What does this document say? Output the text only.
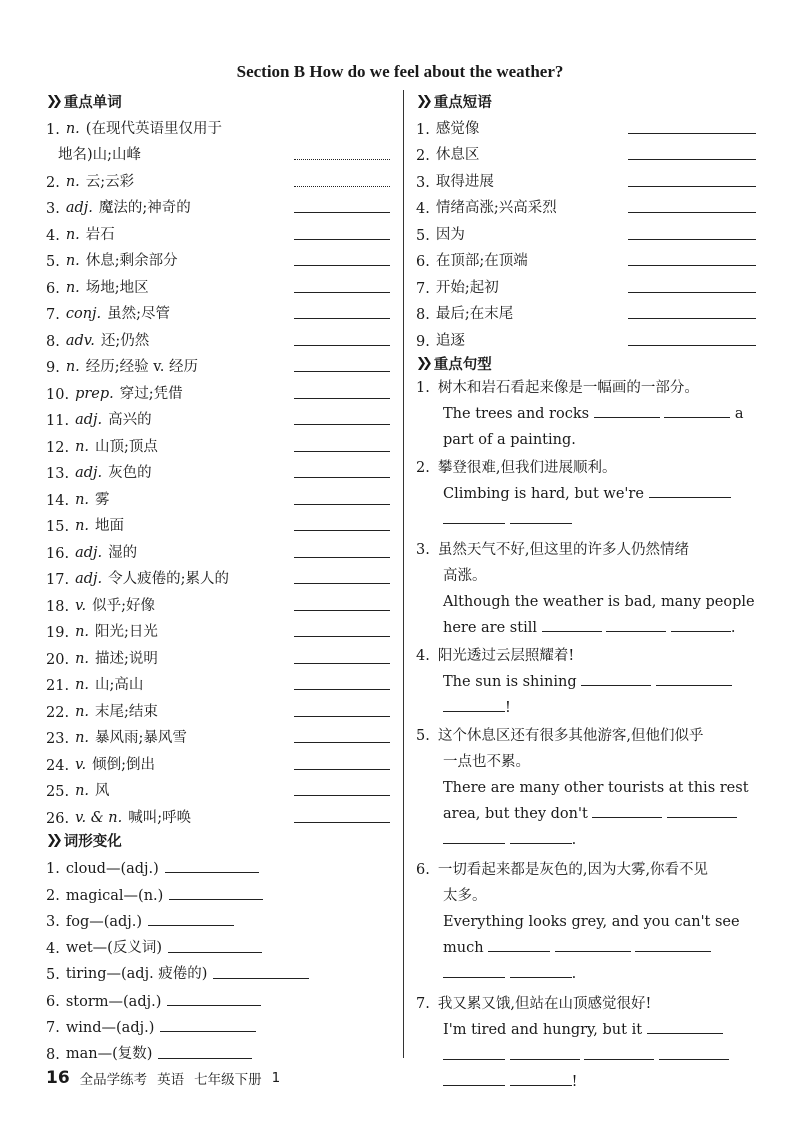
Section B How do we feel about the weather?
❯❯ 重点单词
1. n. (在现代英语里仅用于
地名)山;山峰
2. n. 云;云彩
3. adj. 魔法的;神奇的
4. n. 岩石
5. n. 休息;剩余部分
6. n. 场地;地区
7. conj. 虽然;尽管
8. adv. 还;仍然
9. n. 经历;经验 v. 经历
10. prep. 穿过;凭借
11. adj. 高兴的
12. n. 山顶;顶点
13. adj. 灰色的
14. n. 雾
15. n. 地面
16. adj. 湿的
17. adj. 令人疲倦的;累人的
18. v. 似乎;好像
19. n. 阳光;日光
20. n. 描述;说明
21. n. 山;高山
22. n. 末尾;结束
23. n. 暴风雨;暴风雪
24. v. 倾倒;倒出
25. n. 风
26. v. & n. 喊叫;呼唤
❯❯ 词形变化
1. cloud—(adj.)
2. magical—(n.)
3. fog—(adj.)
4. wet—(反义词)
5. tiring—(adj. 疲倦的)
6. storm—(adj.)
7. wind—(adj.)
8. man—(复数)
❯❯ 重点短语
1. 感觉像
2. 休息区
3. 取得进展
4. 情绪高涨;兴高采烈
5. 因为
6. 在顶部;在顶端
7. 开始;起初
8. 最后;在末尾
9. 追逐
❯❯ 重点句型
1. 树木和岩石看起来像是一幅画的一部分。

The trees and rocks	a

part of a painting.

2. 攀登很难,但我们进展顺利。

Climbing is hard, but we're

3. 虽然天气不好,但这里的许多人仍然情绪

高涨。

Although the weather is bad, many people

here are still	.

4. 阳光透过云层照耀着!

The sun is shining

!

5. 这个休息区还有很多其他游客,但他们似乎

一点也不累。

There are many other tourists at this rest

area, but they don't

.

6. 一切看起来都是灰色的,因为大雾,你看不见

太多。

Everything looks grey, and you can't see

much

.

7. 我又累又饿,但站在山顶感觉很好!

I'm tired and hungry, but it

!

16 全品学练考 英语 七年级下册 1
